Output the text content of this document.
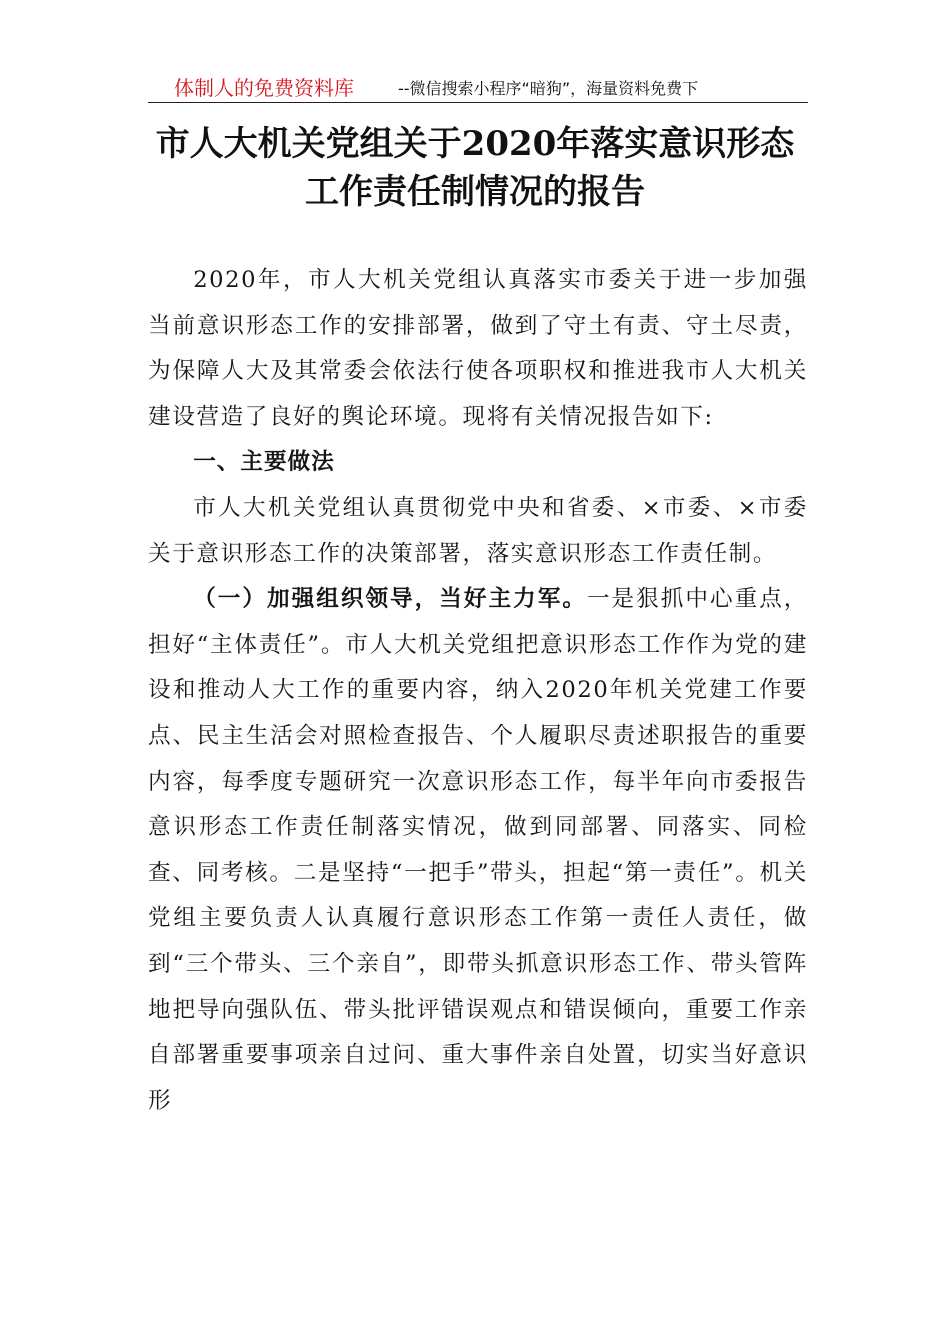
体制人的免费资料库	--微信搜索小程序“暗狗”，海量资料免费下
市人大机关党组关于2020年落实意识形态
工作责任制情况的报告

2020年，市人大机关党组认真落实市委关于进一步加强当前意识形态工作的安排部署，做到了守土有责、守土尽责，为保障人大及其常委会依法行使各项职权和推进我市人大机关建设营造了良好的舆论环境。现将有关情况报告如下:

一、主要做法

市人大机关党组认真贯彻党中央和省委、×市委、×市委关于意识形态工作的决策部署，落实意识形态工作责任制。

（一）加强组织领导，当好主力军。一是狠抓中心重点，担好“主体责任”。市人大机关党组把意识形态工作作为党的建设和推动人大工作的重要内容，纳入2020年机关党建工作要点、民主生活会对照检查报告、个人履职尽责述职报告的重要内容，每季度专题研究一次意识形态工作，每半年向市委报告意识形态工作责任制落实情况，做到同部署、同落实、同检查、同考核。二是坚持“一把手”带头，担起“第一责任”。机关党组主要负责人认真履行意识形态工作第一责任人责任，做到“三个带头、三个亲自”，即带头抓意识形态工作、带头管阵地把导向强队伍、带头批评错误观点和错误倾向，重要工作亲自部署重要事项亲自过问、重大事件亲自处置，切实当好意识形
